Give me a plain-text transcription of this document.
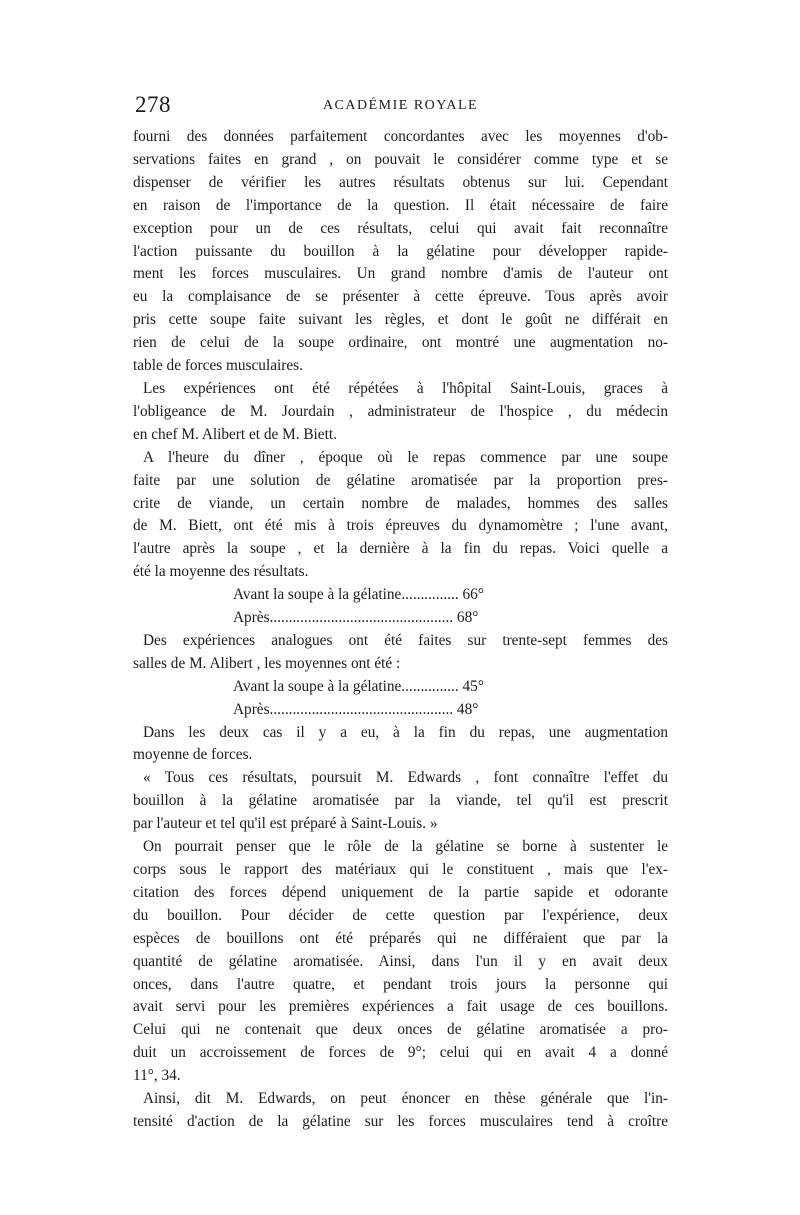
278	ACADÉMIE ROYALE
fourni des données parfaitement concordantes avec les moyennes d'ob-
servations faites en grand , on pouvait le considérer comme type et se
dispenser de vérifier les autres résultats obtenus sur lui. Cependant
en raison de l'importance de la question. Il était nécessaire de faire
exception pour un de ces résultats, celui qui avait fait reconnaître
l'action puissante du bouillon à la gélatine pour développer rapide-
ment les forces musculaires. Un grand nombre d'amis de l'auteur ont
eu la complaisance de se présenter à cette épreuve. Tous après avoir
pris cette soupe faite suivant les règles, et dont le goût ne différait en
rien de celui de la soupe ordinaire, ont montré une augmentation no-
table de forces musculaires.
Les expériences ont été répétées à l'hôpital Saint-Louis, graces à
l'obligeance de M. Jourdain , administrateur de l'hospice , du médecin
en chef M. Alibert et de M. Biett.
A l'heure du dîner , époque où le repas commence par une soupe
faite par une solution de gélatine aromatisée par la proportion pres-
crite de viande, un certain nombre de malades, hommes des salles
de M. Biett, ont été mis à trois épreuves du dynamomètre ; l'une avant,
l'autre après la soupe , et la dernière à la fin du repas. Voici quelle a
été la moyenne des résultats.
Avant la soupe à la gélatine............... 66°
Après................................................ 68°
Des expériences analogues ont été faites sur trente-sept femmes des
salles de M. Alibert , les moyennes ont été :
Avant la soupe à la gélatine............... 45°
Après................................................ 48°
Dans les deux cas il y a eu, à la fin du repas, une augmentation
moyenne de forces.
« Tous ces résultats, poursuit M. Edwards , font connaître l'effet du
bouillon à la gélatine aromatisée par la viande, tel qu'il est prescrit
par l'auteur et tel qu'il est préparé à Saint-Louis. »
On pourrait penser que le rôle de la gélatine se borne à sustenter le
corps sous le rapport des matériaux qui le constituent , mais que l'ex-
citation des forces dépend uniquement de la partie sapide et odorante
du bouillon. Pour décider de cette question par l'expérience, deux
espèces de bouillons ont été préparés qui ne différaient que par la
quantité de gélatine aromatisée. Ainsi, dans l'un il y en avait deux
onces, dans l'autre quatre, et pendant trois jours la personne qui
avait servi pour les premières expériences a fait usage de ces bouillons.
Celui qui ne contenait que deux onces de gélatine aromatisée a pro-
duit un accroissement de forces de 9°; celui qui en avait 4 a donné
11°, 34.
Ainsi, dit M. Edwards, on peut énoncer en thèse générale que l'in-
tensité d'action de la gélatine sur les forces musculaires tend à croître
